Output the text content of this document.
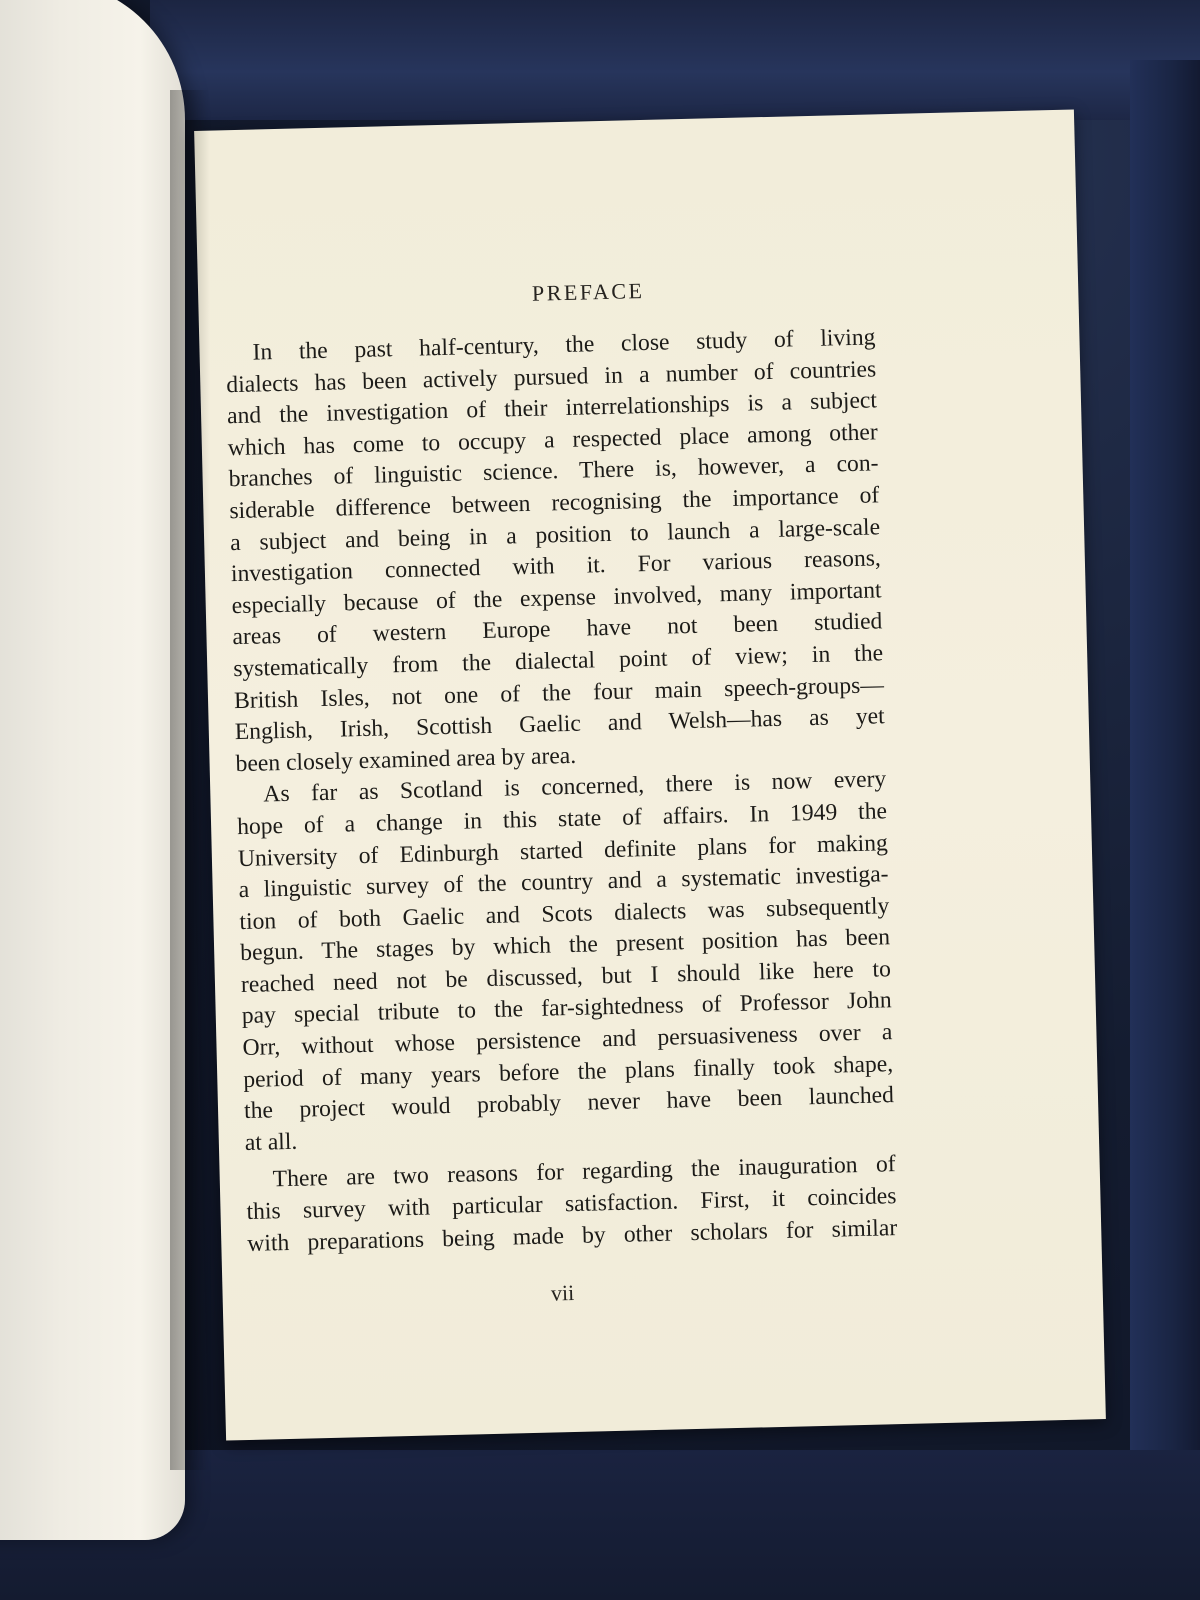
PREFACE
In the past half-century, the close study of living
dialects has been actively pursued in a number of countries
and the investigation of their interrelationships is a subject
which has come to occupy a respected place among other
branches of linguistic science. There is, however, a con-
siderable difference between recognising the importance of
a subject and being in a position to launch a large-scale
investigation connected with it. For various reasons,
especially because of the expense involved, many important
areas of western Europe have not been studied
systematically from the dialectal point of view; in the
British Isles, not one of the four main speech-groups—
English, Irish, Scottish Gaelic and Welsh—has as yet
been closely examined area by area.
As far as Scotland is concerned, there is now every
hope of a change in this state of affairs. In 1949 the
University of Edinburgh started definite plans for making
a linguistic survey of the country and a systematic investiga-
tion of both Gaelic and Scots dialects was subsequently
begun. The stages by which the present position has been
reached need not be discussed, but I should like here to
pay special tribute to the far-sightedness of Professor John
Orr, without whose persistence and persuasiveness over a
period of many years before the plans finally took shape,
the project would probably never have been launched
at all.
There are two reasons for regarding the inauguration of
this survey with particular satisfaction. First, it coincides
with preparations being made by other scholars for similar
vii
